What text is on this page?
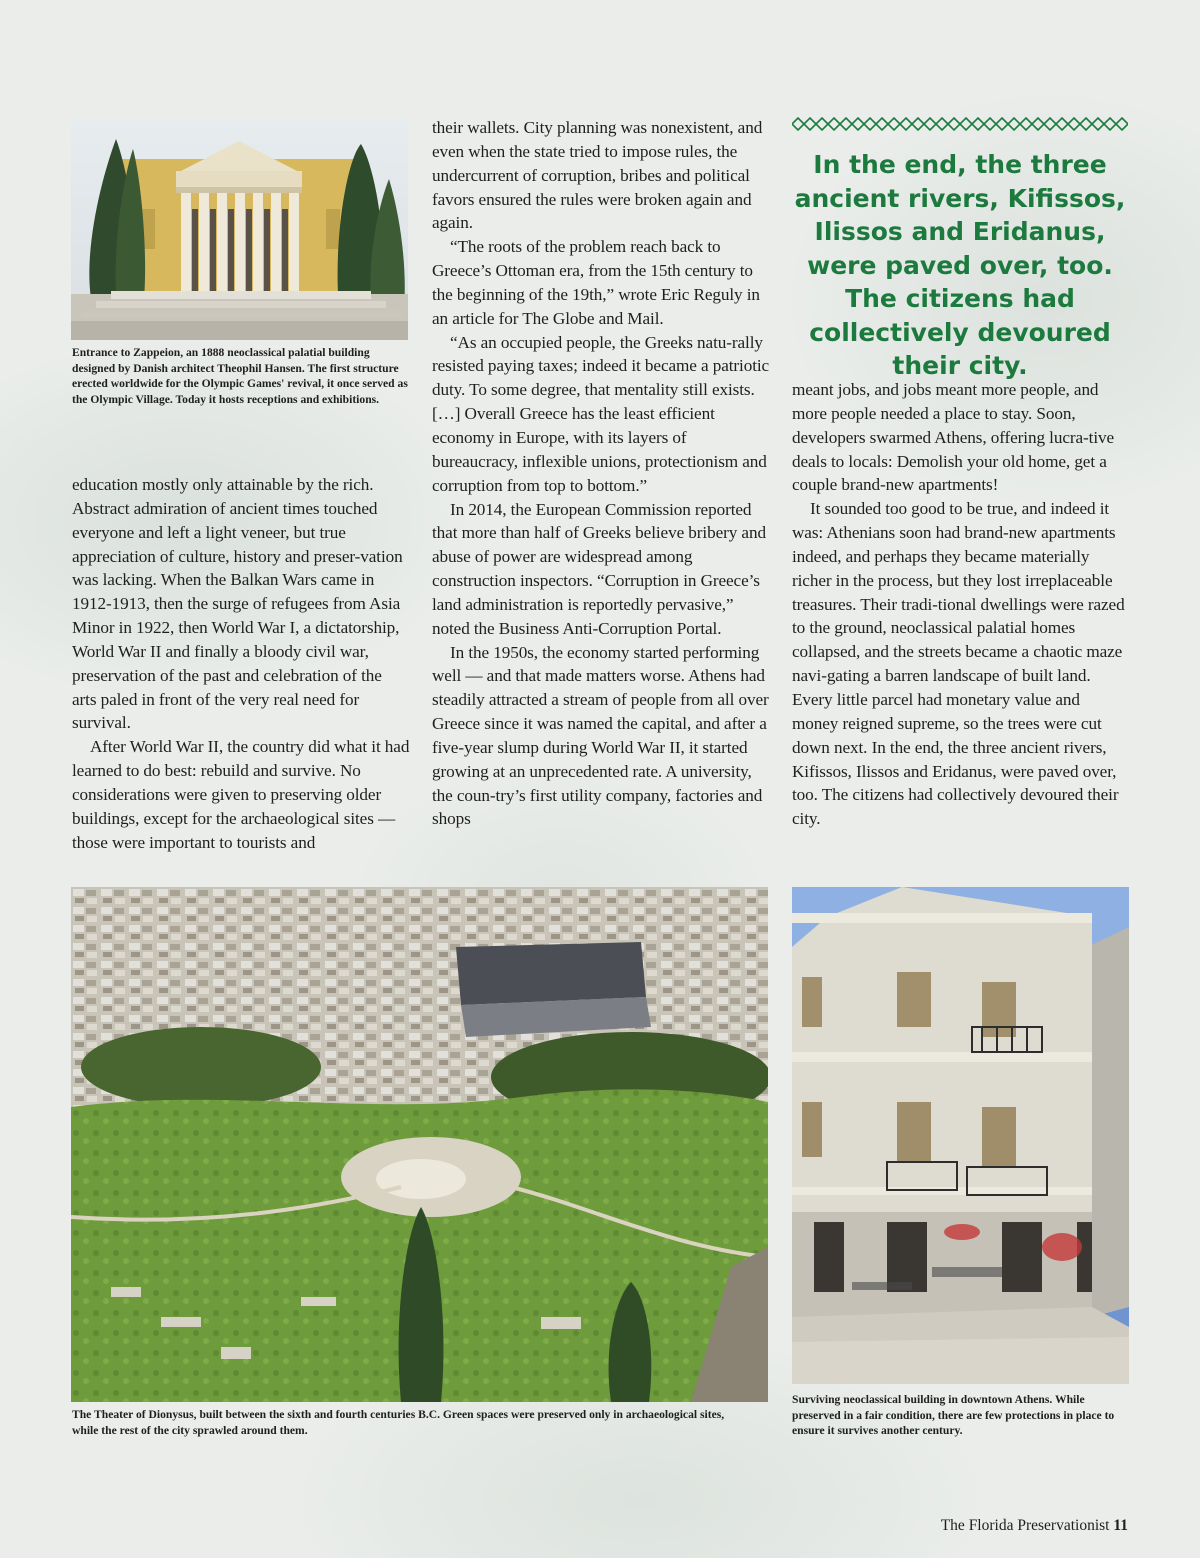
Entrance to Zappeion, an 1888 neoclassical palatial building designed by Danish architect Theophil Hansen. The first structure erected worldwide for the Olympic Games' revival, it once served as the Olympic Village. Today it hosts receptions and exhibitions.

education mostly only attainable by the rich. Abstract admiration of ancient times touched everyone and left a light veneer, but true appreciation of culture, history and preser-vation was lacking. When the Balkan Wars came in 1912-1913, then the surge of refugees from Asia Minor in 1922, then World War I, a dictatorship, World War II and finally a bloody civil war, preservation of the past and celebration of the arts paled in front of the very real need for survival.

After World War II, the country did what it had learned to do best: rebuild and survive. No considerations were given to preserving older buildings, except for the archaeological sites — those were important to tourists and

their wallets. City planning was nonexistent, and even when the state tried to impose rules, the undercurrent of corruption, bribes and political favors ensured the rules were broken again and again.

“The roots of the problem reach back to Greece’s Ottoman era, from the 15th century to the beginning of the 19th,” wrote Eric Reguly in an article for The Globe and Mail.

“As an occupied people, the Greeks natu-rally resisted paying taxes; indeed it became a patriotic duty. To some degree, that mentality still exists. […] Overall Greece has the least efficient economy in Europe, with its layers of bureaucracy, inflexible unions, protectionism and corruption from top to bottom.”

In 2014, the European Commission reported that more than half of Greeks believe bribery and abuse of power are widespread among construction inspectors. “Corruption in Greece’s land administration is reportedly pervasive,” noted the Business Anti-Corruption Portal.

In the 1950s, the economy started performing well — and that made matters worse. Athens had steadily attracted a stream of people from all over Greece since it was named the capital, and after a five-year slump during World War II, it started growing at an unprecedented rate. A university, the coun-try’s first utility company, factories and shops

In the end, the three ancient rivers, Kifissos, Ilissos and Eridanus, were paved over, too. The citizens had collectively devoured their city.

meant jobs, and jobs meant more people, and more people needed a place to stay. Soon, developers swarmed Athens, offering lucra-tive deals to locals: Demolish your old home, get a couple brand-new apartments!

It sounded too good to be true, and indeed it was: Athenians soon had brand-new apartments indeed, and perhaps they became materially richer in the process, but they lost irreplaceable treasures. Their tradi-tional dwellings were razed to the ground, neoclassical palatial homes collapsed, and the streets became a chaotic maze navi-gating a barren landscape of built land. Every little parcel had monetary value and money reigned supreme, so the trees were cut down next. In the end, the three ancient rivers, Kifissos, Ilissos and Eridanus, were paved over, too. The citizens had collectively devoured their city.

The Theater of Dionysus, built between the sixth and fourth centuries B.C. Green spaces were preserved only in archaeological sites, while the rest of the city sprawled around them.
Surviving neoclassical building in downtown Athens. While preserved in a fair condition, there are few protections in place to ensure it survives another century.
The Florida Preservationist 11
